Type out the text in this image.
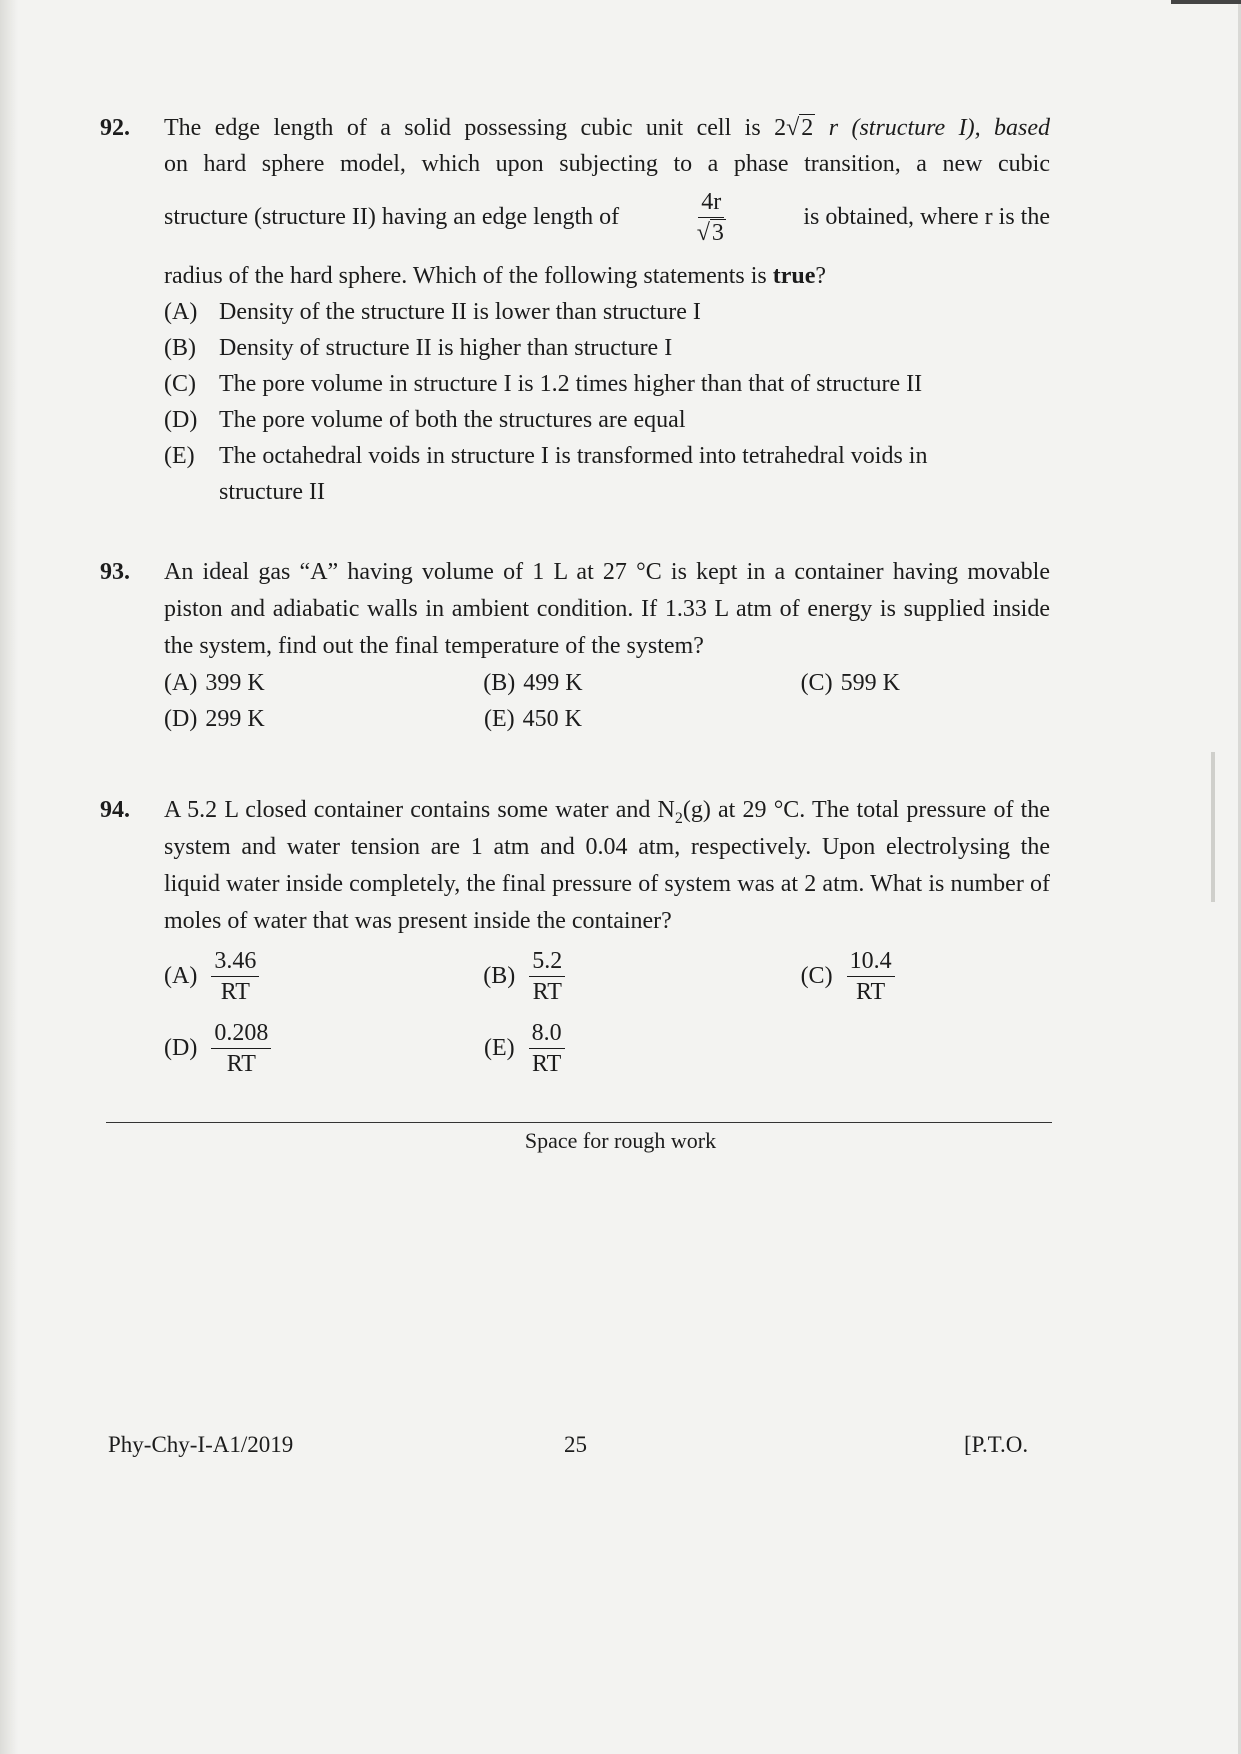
92. The edge length of a solid possessing cubic unit cell is 2√2 r (structure I), based

on hard sphere model, which upon subjecting to a phase transition, a new cubic

structure (structure II) having an edge length of	$\frac{4r}{√3}$	is obtained, where r is the

radius of the hard sphere. Which of the following statements is true?

(A) Density of the structure II is lower than structure I
(B) Density of structure II is higher than structure I
(C) The pore volume in structure I is 1.2 times higher than that of structure II
(D) The pore volume of both the structures are equal
(E) The octahedral voids in structure I is transformed into tetrahedral voids in structure II
93. An ideal gas “A” having volume of 1 L at 27 °C is kept in a container having movable piston and adiabatic walls in ambient condition. If 1.33 L atm of energy is supplied inside the system, find out the final temperature of the system?
(A) 399 K	(B) 499 K	(C) 599 K
(D) 299 K	(E) 450 K
94. A 5.2 L closed container contains some water and $N_2(g)$ at 29 °C. The total pressure of the system and water tension are 1 atm and 0.04 atm, respectively. Upon electrolysing the liquid water inside completely, the final pressure of system was at 2 atm. What is number of moles of water that was present inside the container?
$(A) \frac{3.46}{RT}$	$(B) \frac{5.2}{RT}$	$(C) \frac{10.4}{RT}$
$(D) \frac{0.208}{RT}$	$(E) \frac{8.0}{RT}$
Space for rough work
Phy-Chy-I-A1/2019	25	[P.T.O.
